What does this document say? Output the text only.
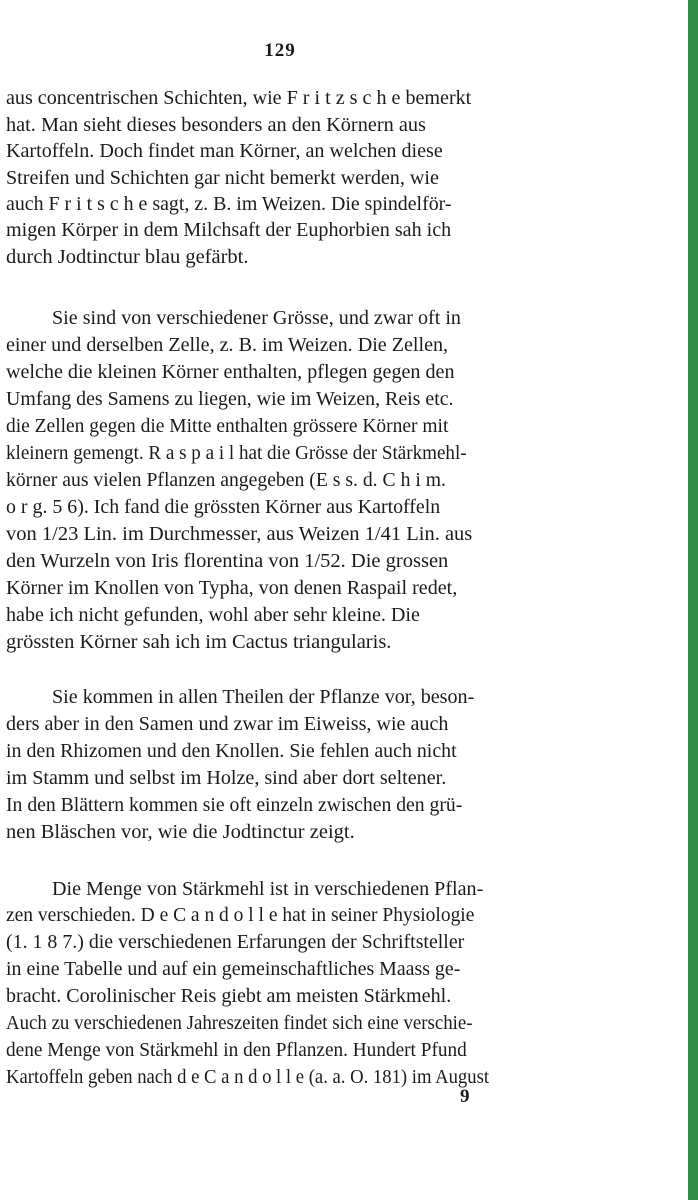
129

aus concentrischen Schichten, wie F r i t z s c h e bemerkt

hat. Man sieht dieses besonders an den Körnern aus

Kartoffeln. Doch findet man Körner, an welchen diese

Streifen und Schichten gar nicht bemerkt werden, wie

auch F r i t s c h e sagt, z. B. im Weizen. Die spindelför-

migen Körper in dem Milchsaft der Euphorbien sah ich

durch Jodtinctur blau gefärbt.

Sie sind von verschiedener Grösse, und zwar oft in

einer und derselben Zelle, z. B. im Weizen. Die Zellen,

welche die kleinen Körner enthalten, pflegen gegen den

Umfang des Samens zu liegen, wie im Weizen, Reis etc.

die Zellen gegen die Mitte enthalten grössere Körner mit

kleinern gemengt. R a s p a i l hat die Grösse der Stärkmehl-

körner aus vielen Pflanzen angegeben (E s s. d. C h i m.

o r g. 5 6). Ich fand die grössten Körner aus Kartoffeln

von 1/23 Lin. im Durchmesser, aus Weizen 1/41 Lin. aus

den Wurzeln von Iris florentina von 1/52. Die grossen

Körner im Knollen von Typha, von denen Raspail redet,

habe ich nicht gefunden, wohl aber sehr kleine. Die

grössten Körner sah ich im Cactus triangularis.

Sie kommen in allen Theilen der Pflanze vor, beson-

ders aber in den Samen und zwar im Eiweiss, wie auch

in den Rhizomen und den Knollen. Sie fehlen auch nicht

im Stamm und selbst im Holze, sind aber dort seltener.

In den Blättern kommen sie oft einzeln zwischen den grü-

nen Bläschen vor, wie die Jodtinctur zeigt.

Die Menge von Stärkmehl ist in verschiedenen Pflan-

zen verschieden. D e C a n d o l l e hat in seiner Physiologie

(1. 1 8 7.) die verschiedenen Erfarungen der Schriftsteller

in eine Tabelle und auf ein gemeinschaftliches Maass ge-

bracht. Corolinischer Reis giebt am meisten Stärkmehl.

Auch zu verschiedenen Jahreszeiten findet sich eine verschie-

dene Menge von Stärkmehl in den Pflanzen. Hundert Pfund

Kartoffeln geben nach d e C a n d o l l e (a. a. O. 181) im August

9
